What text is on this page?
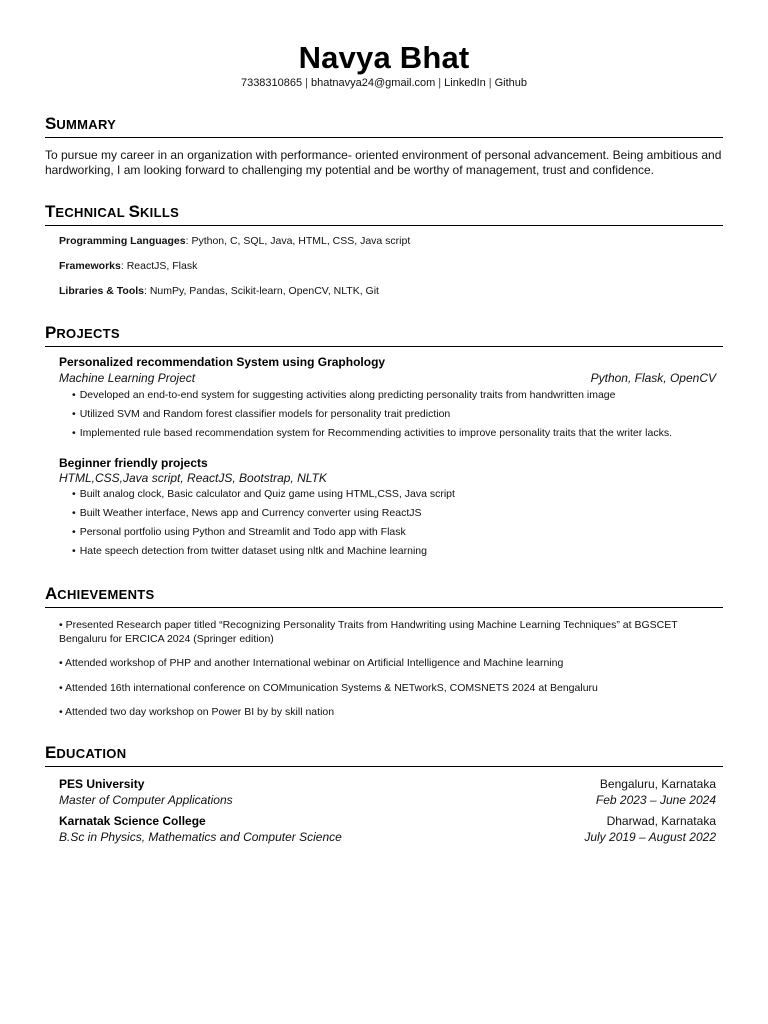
Navya Bhat
7338310865 | bhatnavya24@gmail.com | LinkedIn | Github
SUMMARY
To pursue my career in an organization with performance- oriented environment of personal advancement. Being ambitious and hardworking, I am looking forward to challenging my potential and be worthy of management, trust and confidence.
TECHNICAL SKILLS
Programming Languages: Python, C, SQL, Java, HTML, CSS, Java script
Frameworks: ReactJS, Flask
Libraries & Tools: NumPy, Pandas, Scikit-learn, OpenCV, NLTK, Git
PROJECTS
Personalized recommendation System using Graphology
Machine Learning Project	Python, Flask, OpenCV
• Developed an end-to-end system for suggesting activities along predicting personality traits from handwritten image
• Utilized SVM and Random forest classifier models for personality trait prediction
• Implemented rule based recommendation system for Recommending activities to improve personality traits that the writer lacks.
Beginner friendly projects
HTML,CSS,Java script, ReactJS, Bootstrap, NLTK
• Built analog clock, Basic calculator and Quiz game using HTML,CSS, Java script
• Built Weather interface, News app and Currency converter using ReactJS
• Personal portfolio using Python and Streamlit and Todo app with Flask
• Hate speech detection from twitter dataset using nltk and Machine learning
ACHIEVEMENTS
• Presented Research paper titled “Recognizing Personality Traits from Handwriting using Machine Learning Techniques” at BGSCET Bengaluru for ERCICA 2024 (Springer edition)
• Attended workshop of PHP and another International webinar on Artificial Intelligence and Machine learning
• Attended 16th international conference on COMmunication Systems & NETworkS, COMSNETS 2024 at Bengaluru
• Attended two day workshop on Power BI by by skill nation
EDUCATION
PES University	Bengaluru, Karnataka
Master of Computer Applications	Feb 2023 – June 2024
Karnatak Science College	Dharwad, Karnataka
B.Sc in Physics, Mathematics and Computer Science	July 2019 – August 2022
